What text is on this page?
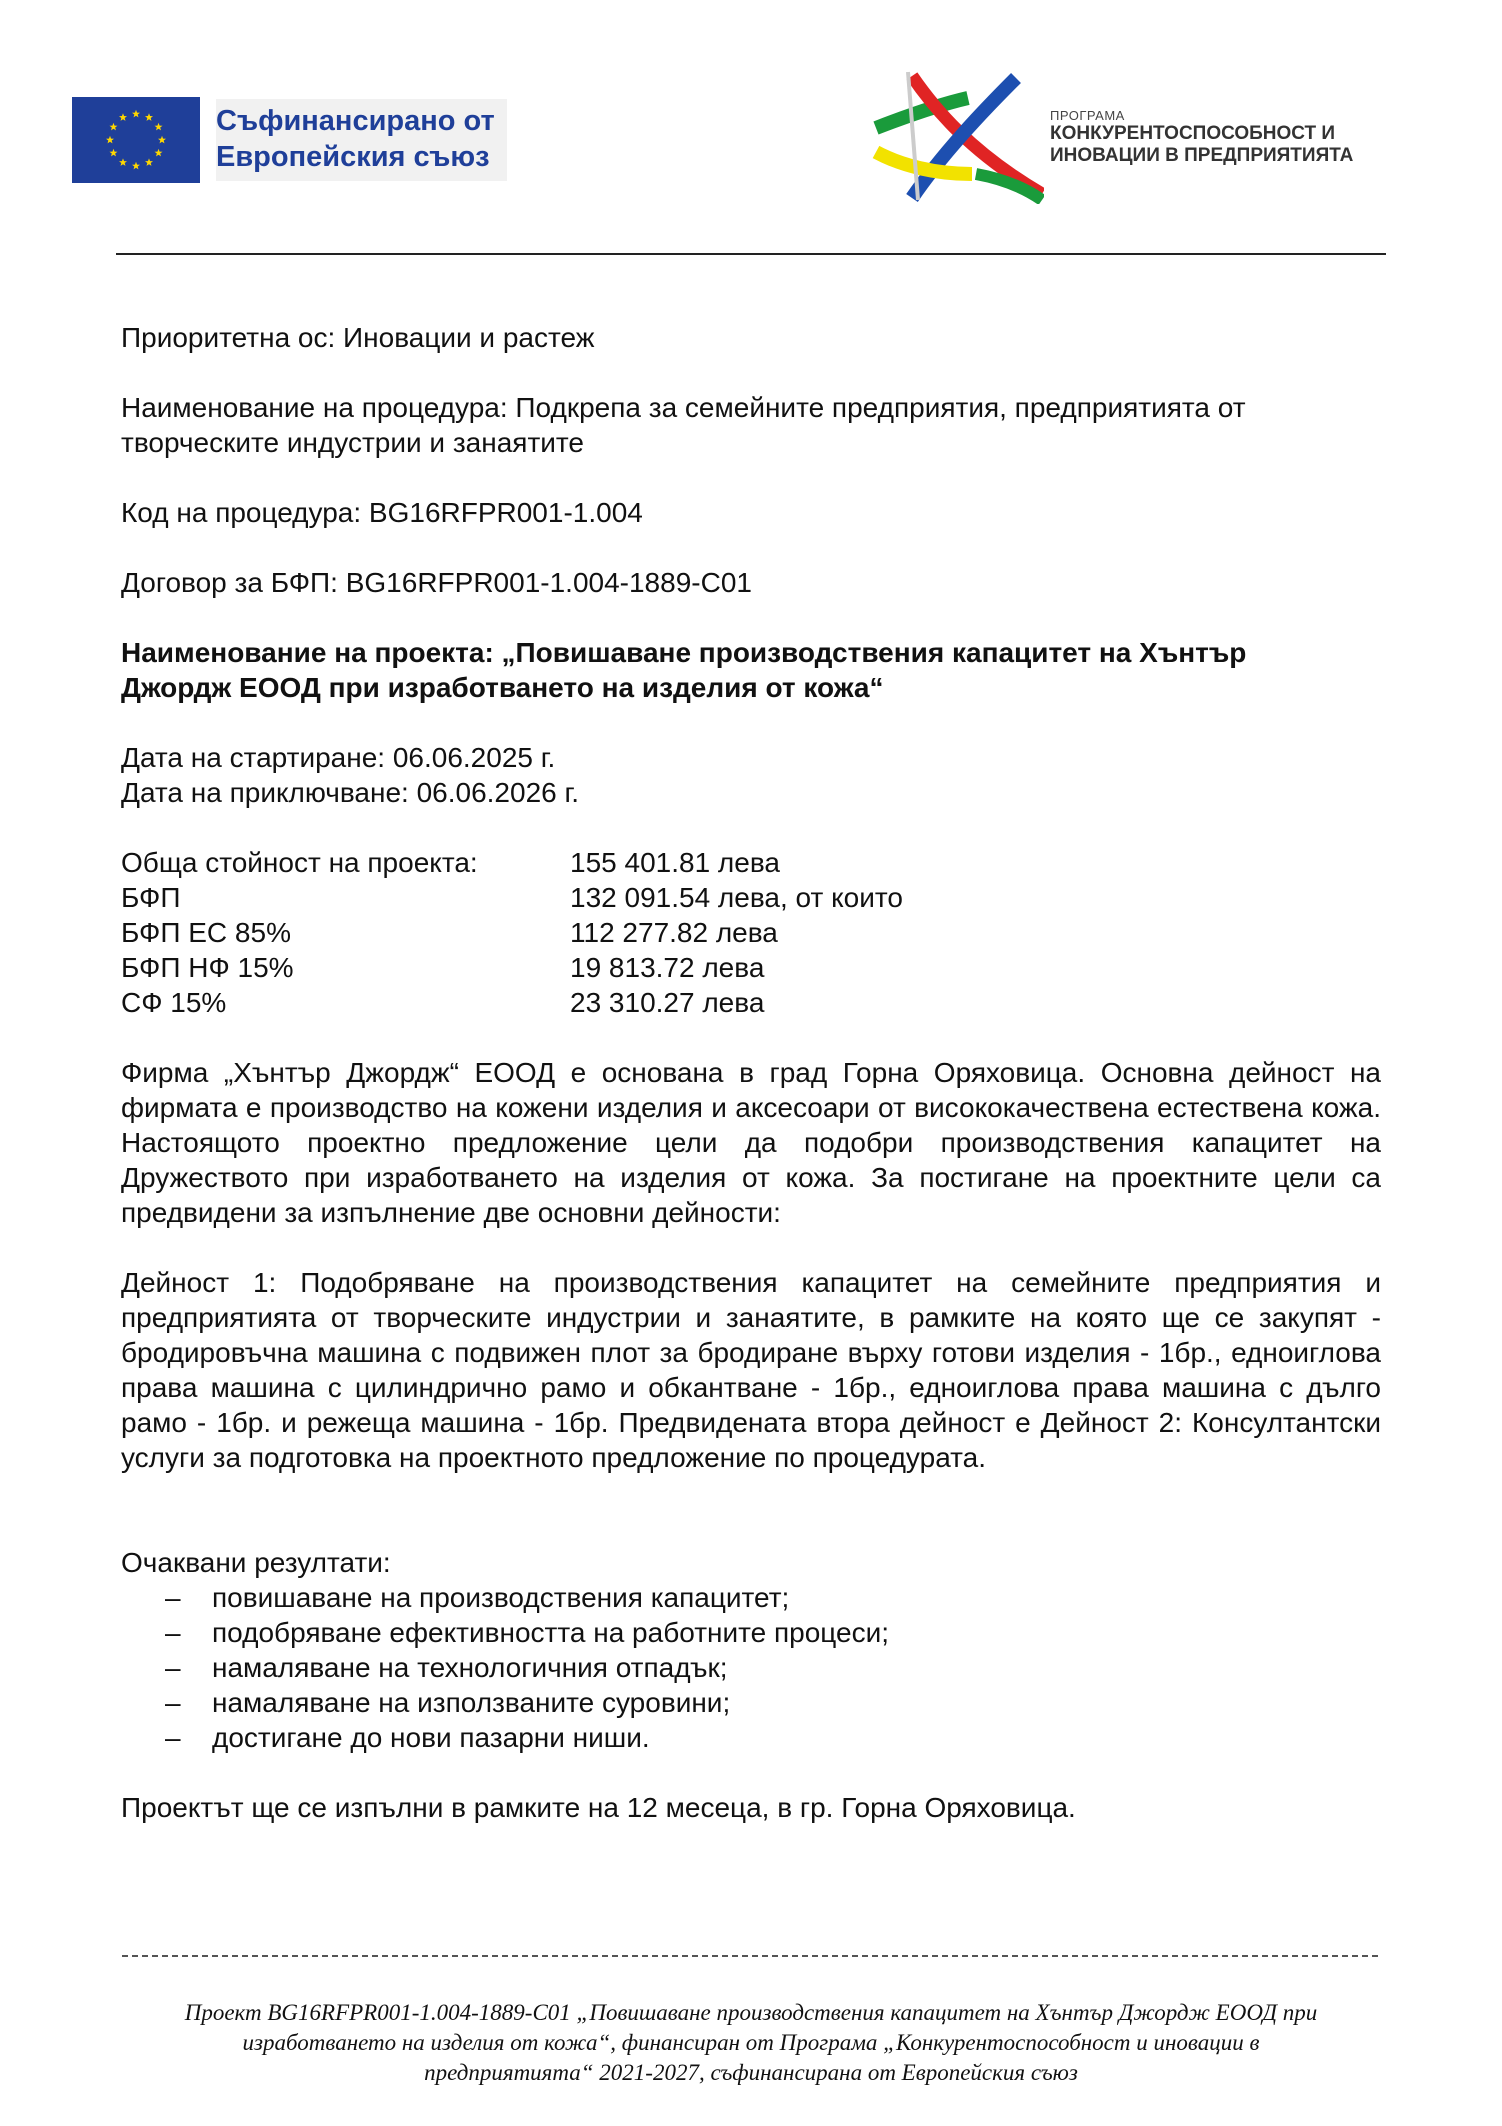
Съфинансирано от
Европейския съюз
ПРОГРАМА
КОНКУРЕНТОСПОСОБНОСТ И
ИНОВАЦИИ В ПРЕДПРИЯТИЯТА

Приоритетна ос: Иновации и растеж

Наименование на процедура: Подкрепа за семейните предприятия, предприятията от

творческите индустрии и занаятите

Код на процедура: BG16RFPR001-1.004

Договор за БФП: BG16RFPR001-1.004-1889-C01

Наименование на проекта: „Повишаване производствения капацитет на Хънтър

Джордж ЕООД при изработването на изделия от кожа“

Дата на стартиране: 06.06.2025 г.

Дата на приключване: 06.06.2026 г.

Обща стойност на проекта:	155 401.81 лева
БФП	132 091.54 лева, от които
БФП ЕС 85%	112 277.82 лева
БФП НФ 15%	19 813.72 лева
СФ 15%	23 310.27 лева

Фирма „Хънтър Джордж“ ЕООД е основана в град Горна Оряховица. Основна дейност на фирмата е производство на кожени изделия и аксесоари от висококачествена естествена кожа. Настоящото проектно предложение цели да подобри производствения капацитет на Дружеството при изработването на изделия от кожа. За постигане на проектните цели са предвидени за изпълнение две основни дейности:

Дейност 1: Подобряване на производствения капацитет на семейните предприятия и предприятията от творческите индустрии и занаятите, в рамките на която ще се закупят - бродировъчна машина с подвижен плот за бродиране върху готови изделия - 1бр., едноиглова права машина с цилиндрично рамо и обкантване - 1бр., едноиглова права машина с дълго рамо - 1бр. и режеща машина - 1бр. Предвидената втора дейност е Дейност 2: Консултантски услуги за подготовка на проектното предложение по процедурата.

Очаквани резултати:

–	повишаване на производствения капацитет;
–	подобряване ефективността на работните процеси;
–	намаляване на технологичния отпадък;
–	намаляване на използваните суровини;
–	достигане до нови пазарни ниши.

Проектът ще се изпълни в рамките на 12 месеца, в гр. Горна Оряховица.

Проект BG16RFPR001-1.004-1889-C01 „Повишаване производствения капацитет на Хънтър Джордж ЕООД при
изработването на изделия от кожа“, финансиран от Програма „Конкурентоспособност и иновации в
предприятията“ 2021-2027, съфинансирана от Европейския съюз
